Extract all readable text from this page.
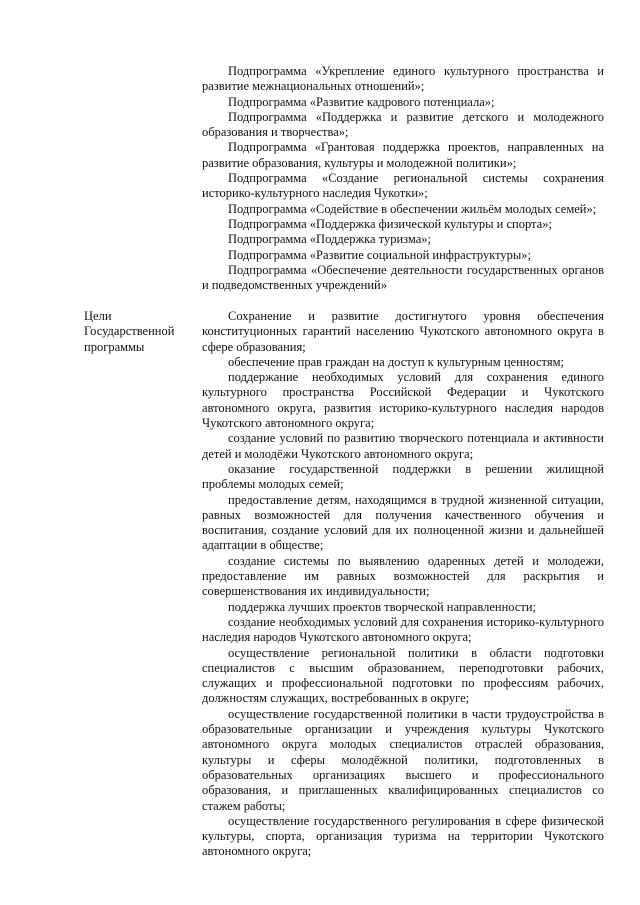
Подпрограмма «Укрепление единого культурного пространства и развитие межнациональных отношений»;

Подпрограмма «Развитие кадрового потенциала»;

Подпрограмма «Поддержка и развитие детского и молодежного образования и творчества»;

Подпрограмма «Грантовая поддержка проектов, направленных на развитие образования, культуры и молодежной политики»;

Подпрограмма «Создание региональной системы сохранения историко-культурного наследия Чукотки»;

Подпрограмма «Содействие в обеспечении жильём молодых семей»;

Подпрограмма «Поддержка физической культуры и спорта»;

Подпрограмма «Поддержка туризма»;

Подпрограмма «Развитие социальной инфраструктуры»;

Подпрограмма «Обеспечение деятельности государственных органов и подведомственных учреждений»

Цели Государственной программы

Сохранение и развитие достигнутого уровня обеспечения конституционных гарантий населению Чукотского автономного округа в сфере образования;

обеспечение прав граждан на доступ к культурным ценностям;

поддержание необходимых условий для сохранения единого культурного пространства Российской Федерации и Чукотского автономного округа, развития историко-культурного наследия народов Чукотского автономного округа;

создание условий по развитию творческого потенциала и активности детей и молодёжи Чукотского автономного округа;

оказание государственной поддержки в решении жилищной проблемы молодых семей;

предоставление детям, находящимся в трудной жизненной ситуации, равных возможностей для получения качественного обучения и воспитания, создание условий для их полноценной жизни и дальнейшей адаптации в обществе;

создание системы по выявлению одаренных детей и молодежи, предоставление им равных возможностей для раскрытия и совершенствования их индивидуальности;

поддержка лучших проектов творческой направленности;

создание необходимых условий для сохранения историко-культурного наследия народов Чукотского автономного округа;

осуществление региональной политики в области подготовки специалистов с высшим образованием, переподготовки рабочих, служащих и профессиональной подготовки по профессиям рабочих, должностям служащих, востребованных в округе;

осуществление государственной политики в части трудоустройства в образовательные организации и учреждения культуры Чукотского автономного округа молодых специалистов отраслей образования, культуры и сферы молодёжной политики, подготовленных в образовательных организациях высшего и профессионального образования, и приглашенных квалифицированных специалистов со стажем работы;

осуществление государственного регулирования в сфере физической культуры, спорта, организация туризма на территории Чукотского автономного округа;
